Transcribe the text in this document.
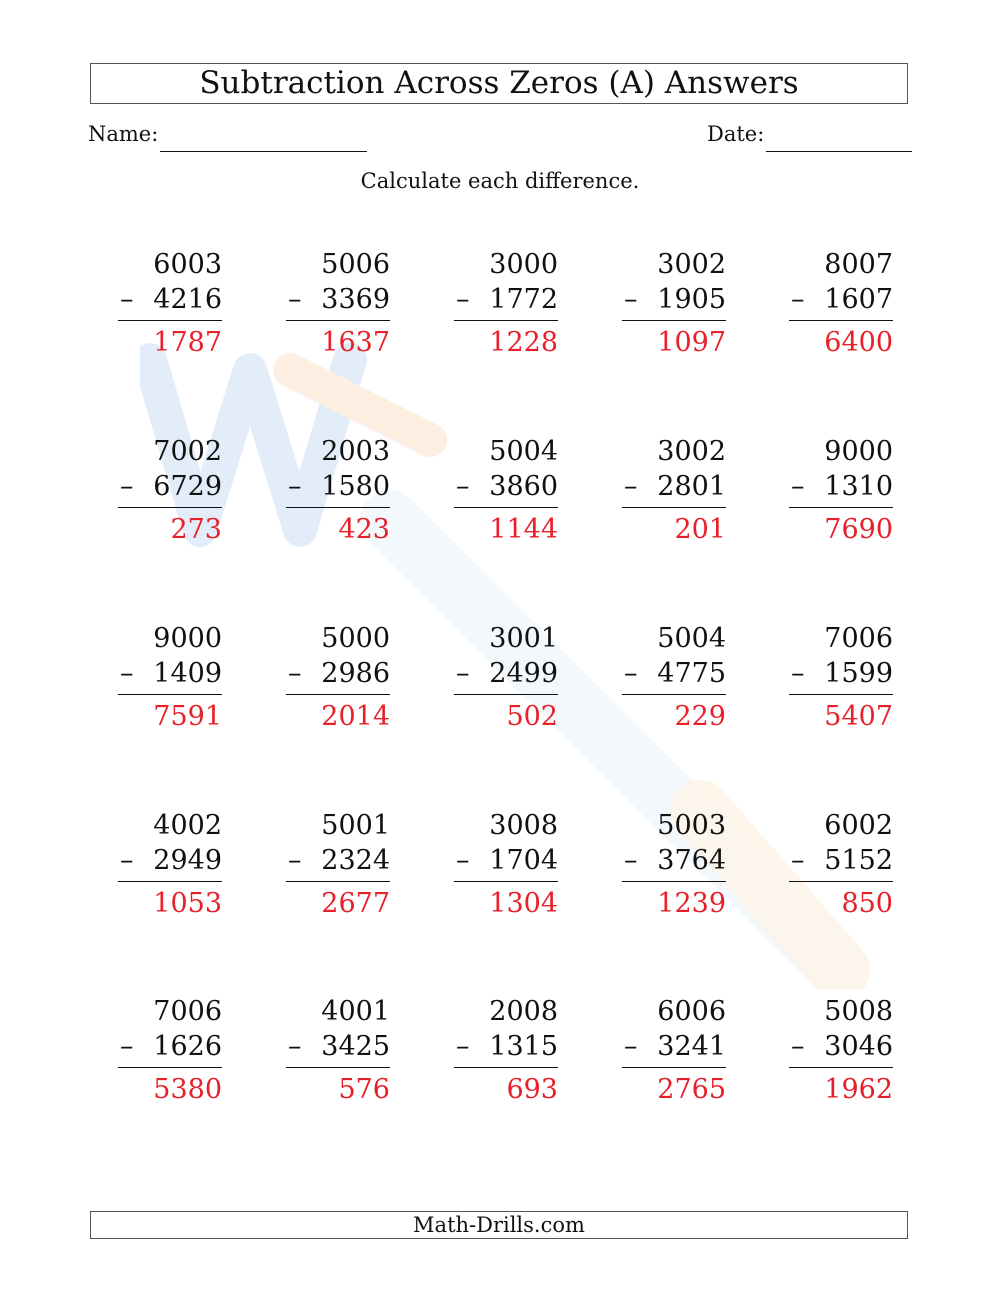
Subtraction Across Zeros (A) Answers
Name:	Date:
Calculate each difference.
6003
– 4216
1787
5006
– 3369
1637
3000
– 1772
1228
3002
– 1905
1097
8007
– 1607
6400
7002
– 6729
273
2003
– 1580
423
5004
– 3860
1144
3002
– 2801
201
9000
– 1310
7690
9000
– 1409
7591
5000
– 2986
2014
3001
– 2499
502
5004
– 4775
229
7006
– 1599
5407
4002
– 2949
1053
5001
– 2324
2677
3008
– 1704
1304
5003
– 3764
1239
6002
– 5152
850
7006
– 1626
5380
4001
– 3425
576
2008
– 1315
693
6006
– 3241
2765
5008
– 3046
1962
Math-Drills.com
